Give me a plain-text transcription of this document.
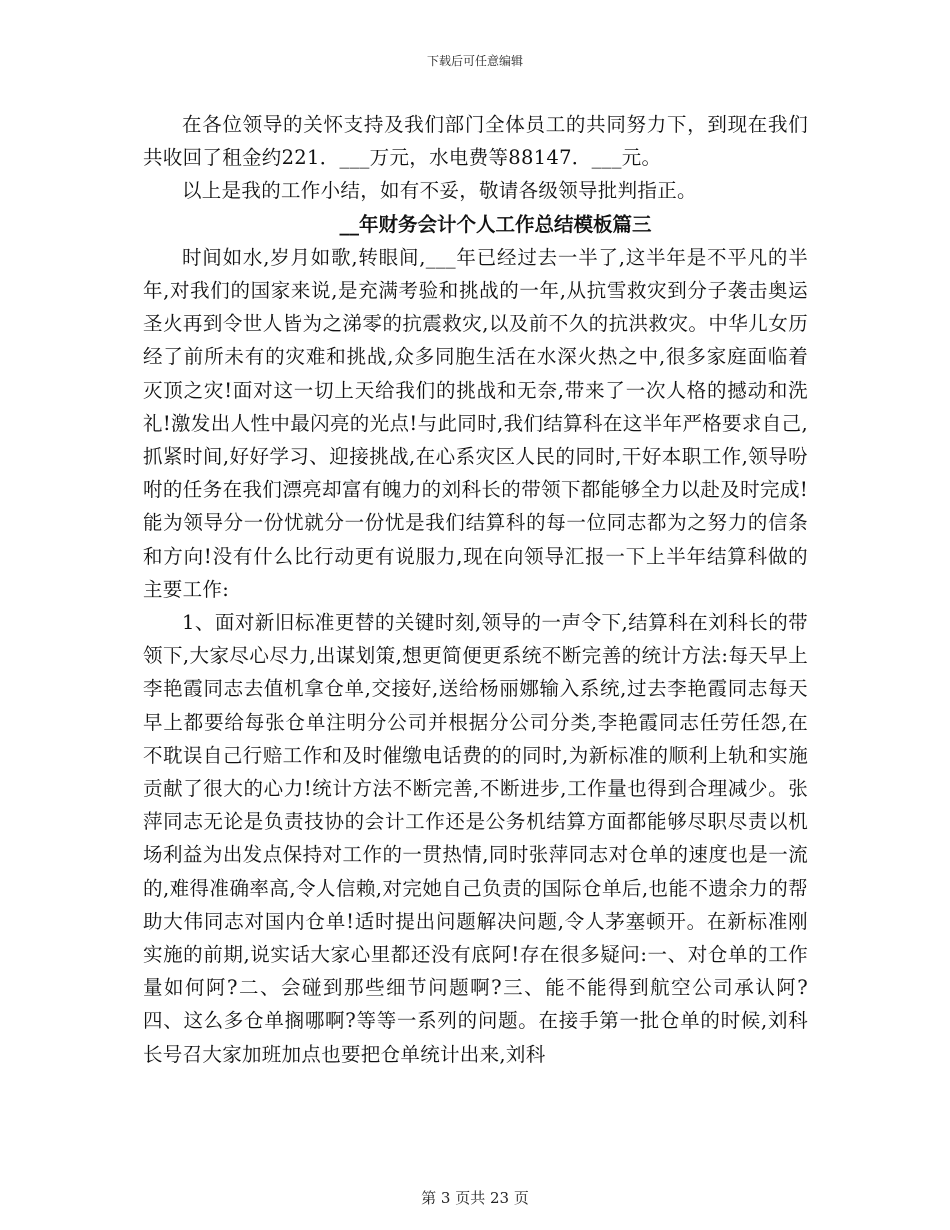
下载后可任意编辑

在各位领导的关怀支持及我们部门全体员工的共同努力下，到现在我们共收回了租金约221．___万元，水电费等88147．___元。

以上是我的工作小结，如有不妥，敬请各级领导批判指正。

__年财务会计个人工作总结模板篇三

时间如水,岁月如歌,转眼间,___年已经过去一半了,这半年是不平凡的半年,对我们的国家来说,是充满考验和挑战的一年,从抗雪救灾到分子袭击奥运圣火再到令世人皆为之涕零的抗震救灾,以及前不久的抗洪救灾。中华儿女历经了前所未有的灾难和挑战,众多同胞生活在水深火热之中,很多家庭面临着灭顶之灾!面对这一切上天给我们的挑战和无奈,带来了一次人格的撼动和洗礼!激发出人性中最闪亮的光点!与此同时,我们结算科在这半年严格要求自己,抓紧时间,好好学习、迎接挑战,在心系灾区人民的同时,干好本职工作,领导吩咐的任务在我们漂亮却富有魄力的刘科长的带领下都能够全力以赴及时完成!能为领导分一份忧就分一份忧是我们结算科的每一位同志都为之努力的信条和方向!没有什么比行动更有说服力,现在向领导汇报一下上半年结算科做的主要工作:

1、面对新旧标准更替的关键时刻,领导的一声令下,结算科在刘科长的带领下,大家尽心尽力,出谋划策,想更简便更系统不断完善的统计方法:每天早上李艳霞同志去值机拿仓单,交接好,送给杨丽娜输入系统,过去李艳霞同志每天早上都要给每张仓单注明分公司并根据分公司分类,李艳霞同志任劳任怨,在不耽误自己行赔工作和及时催缴电话费的的同时,为新标准的顺利上轨和实施贡献了很大的心力!统计方法不断完善,不断进步,工作量也得到合理减少。张萍同志无论是负责技协的会计工作还是公务机结算方面都能够尽职尽责以机场利益为出发点保持对工作的一贯热情,同时张萍同志对仓单的速度也是一流的,难得准确率高,令人信赖,对完她自己负责的国际仓单后,也能不遗余力的帮助大伟同志对国内仓单!适时提出问题解决问题,令人茅塞顿开。在新标准刚实施的前期,说实话大家心里都还没有底阿!存在很多疑问:一、对仓单的工作量如何阿?二、会碰到那些细节问题啊?三、能不能得到航空公司承认阿?四、这么多仓单搁哪啊?等等一系列的问题。在接手第一批仓单的时候,刘科长号召大家加班加点也要把仓单统计出来,刘科

第 3 页共 23 页
